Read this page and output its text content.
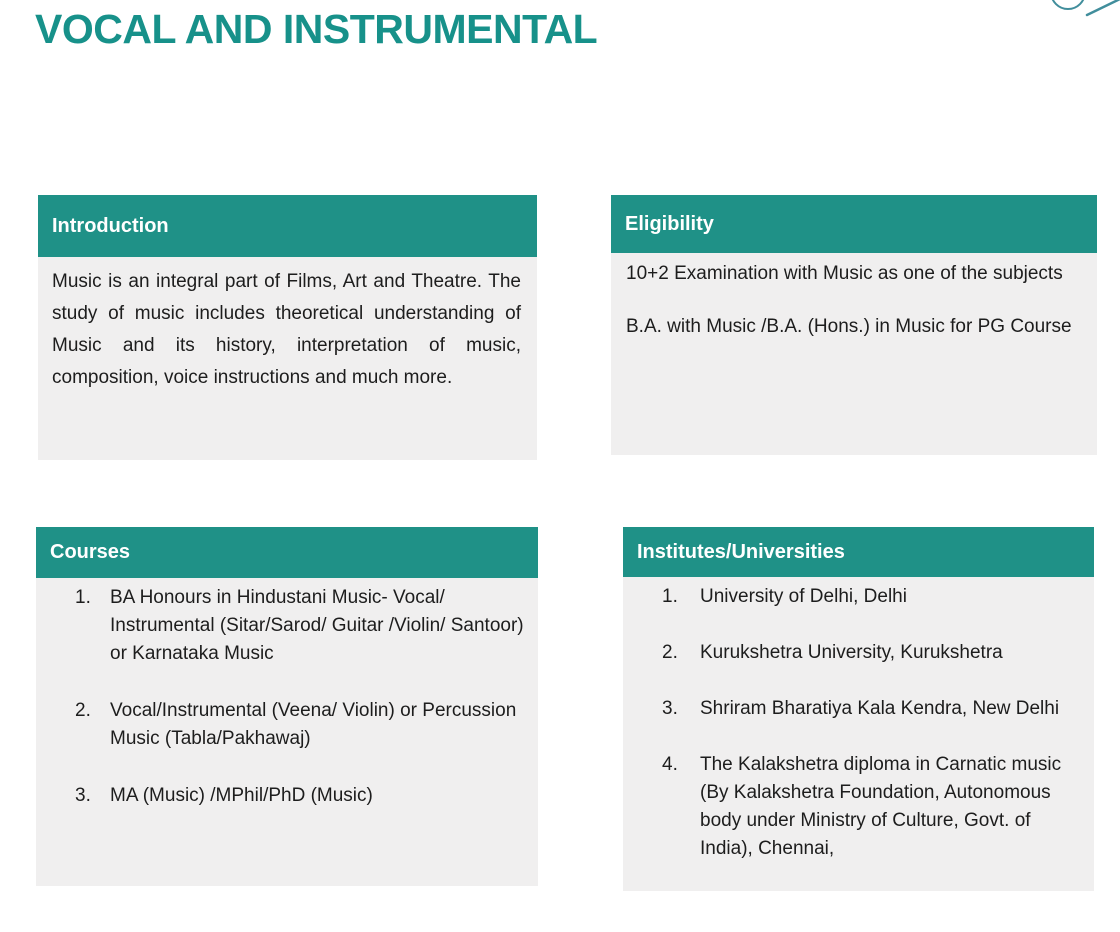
VOCAL AND INSTRUMENTAL
Introduction

Music is an integral part of Films, Art and Theatre. The study of music includes theoretical understanding of Music and its history, interpretation of music, composition, voice instructions and much more.

Eligibility

10+2 Examination with Music as one of the subjects

B.A. with Music /B.A. (Hons.) in Music for PG Course

Courses
BA Honours in Hindustani Music- Vocal/ Instrumental (Sitar/Sarod/ Guitar /Violin/ Santoor) or Karnataka Music
Vocal/Instrumental (Veena/ Violin) or Percussion Music (Tabla/Pakhawaj)
MA (Music) /MPhil/PhD (Music)
Institutes/Universities
University of Delhi, Delhi
Kurukshetra University, Kurukshetra
Shriram Bharatiya Kala Kendra, New Delhi
The Kalakshetra diploma in Carnatic music (By Kalakshetra Foundation, Autonomous body under Ministry of Culture, Govt. of India), Chennai,
